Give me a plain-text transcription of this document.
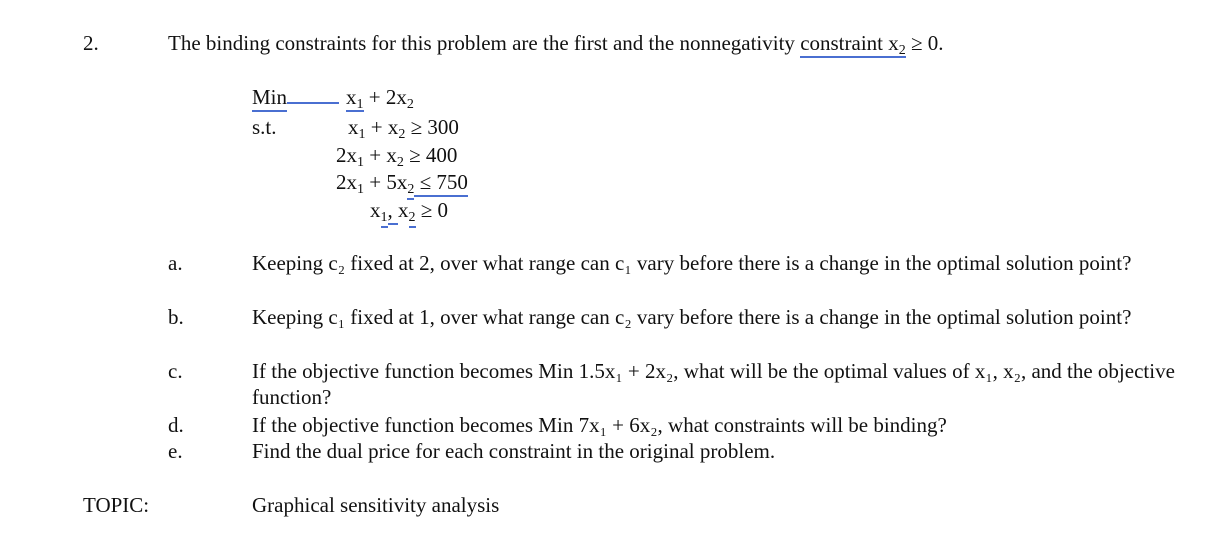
2.	The binding constraints for this problem are the first and the nonnegativity constraint $x_2 \ge 0$.
Min	$x_1 + 2x_2$
s.t.	$x_1 + x_2 \ge 300$
$2x_1 + x_2 \ge 400$
$2x_1 + 5x_2 \le 750$
$x_1$, $x_2 \ge 0$
a.	Keeping c₂ fixed at 2, over what range can c₁ vary before there is a change in the optimal solution point?
b.	Keeping c₁ fixed at 1, over what range can c₂ vary before there is a change in the optimal solution point?
c.	If the objective function becomes Min 1.5x₁ + 2x₂, what will be the optimal values of x₁, x₂, and the objective function?
d.	If the objective function becomes Min 7x₁ + 6x₂, what constraints will be binding?
e.	Find the dual price for each constraint in the original problem.
TOPIC:	Graphical sensitivity analysis
